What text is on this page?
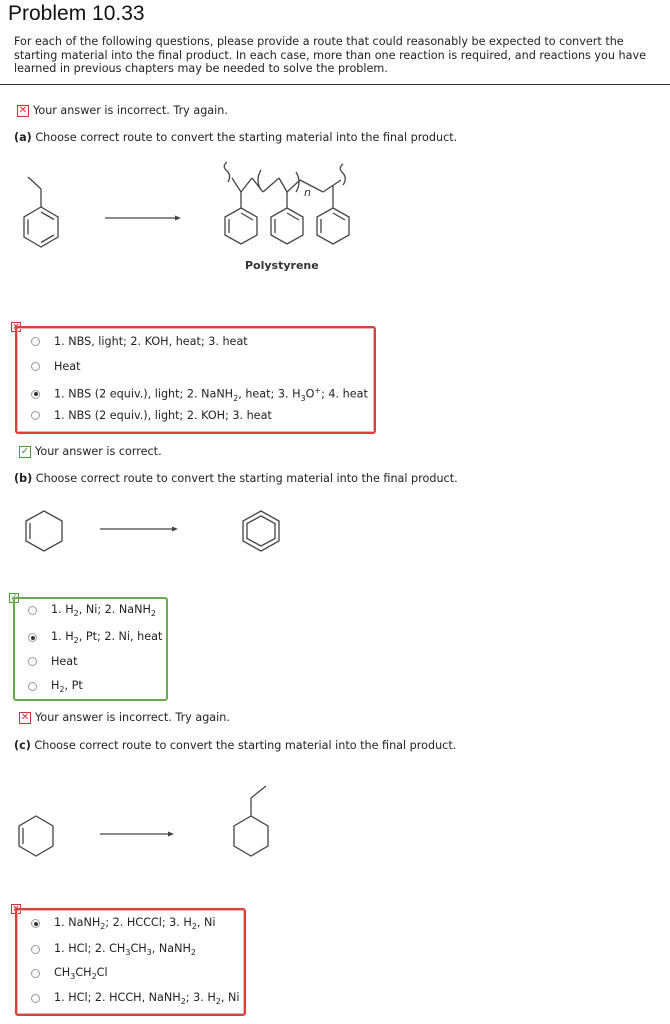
Problem 10.33
For each of the following questions, please provide a route that could reasonably be expected to convert the starting material into the final product. In each case, more than one reaction is required, and reactions you have learned in previous chapters may be needed to solve the problem.
✕ Your answer is incorrect. Try again.
(a) Choose correct route to convert the starting material into the final product.
n
Polystyrene
×
1. NBS, light; 2. KOH, heat; 3. heat
Heat
1. NBS (2 equiv.), light; 2. NaNH$_2$, heat; 3. $H_3O^+$; 4. heat
1. NBS (2 equiv.), light; 2. KOH; 3. heat
✓ Your answer is correct.
(b) Choose correct route to convert the starting material into the final product.
✓
1. $H_2$, Ni; 2. NaNH$_2$
1. $H_2$, Pt; 2. Ni, heat
Heat
$H_2$, Pt
✕ Your answer is incorrect. Try again.
(c) Choose correct route to convert the starting material into the final product.
×
1. NaNH$_2$; 2. HCCCl; 3. $H_2$, Ni
1. HCl; 2. $CH_3CH_3$, NaNH$_2$
$CH_3CH_2Cl$
1. HCl; 2. HCCH, NaNH$_2$; 3. $H_2$, Ni
